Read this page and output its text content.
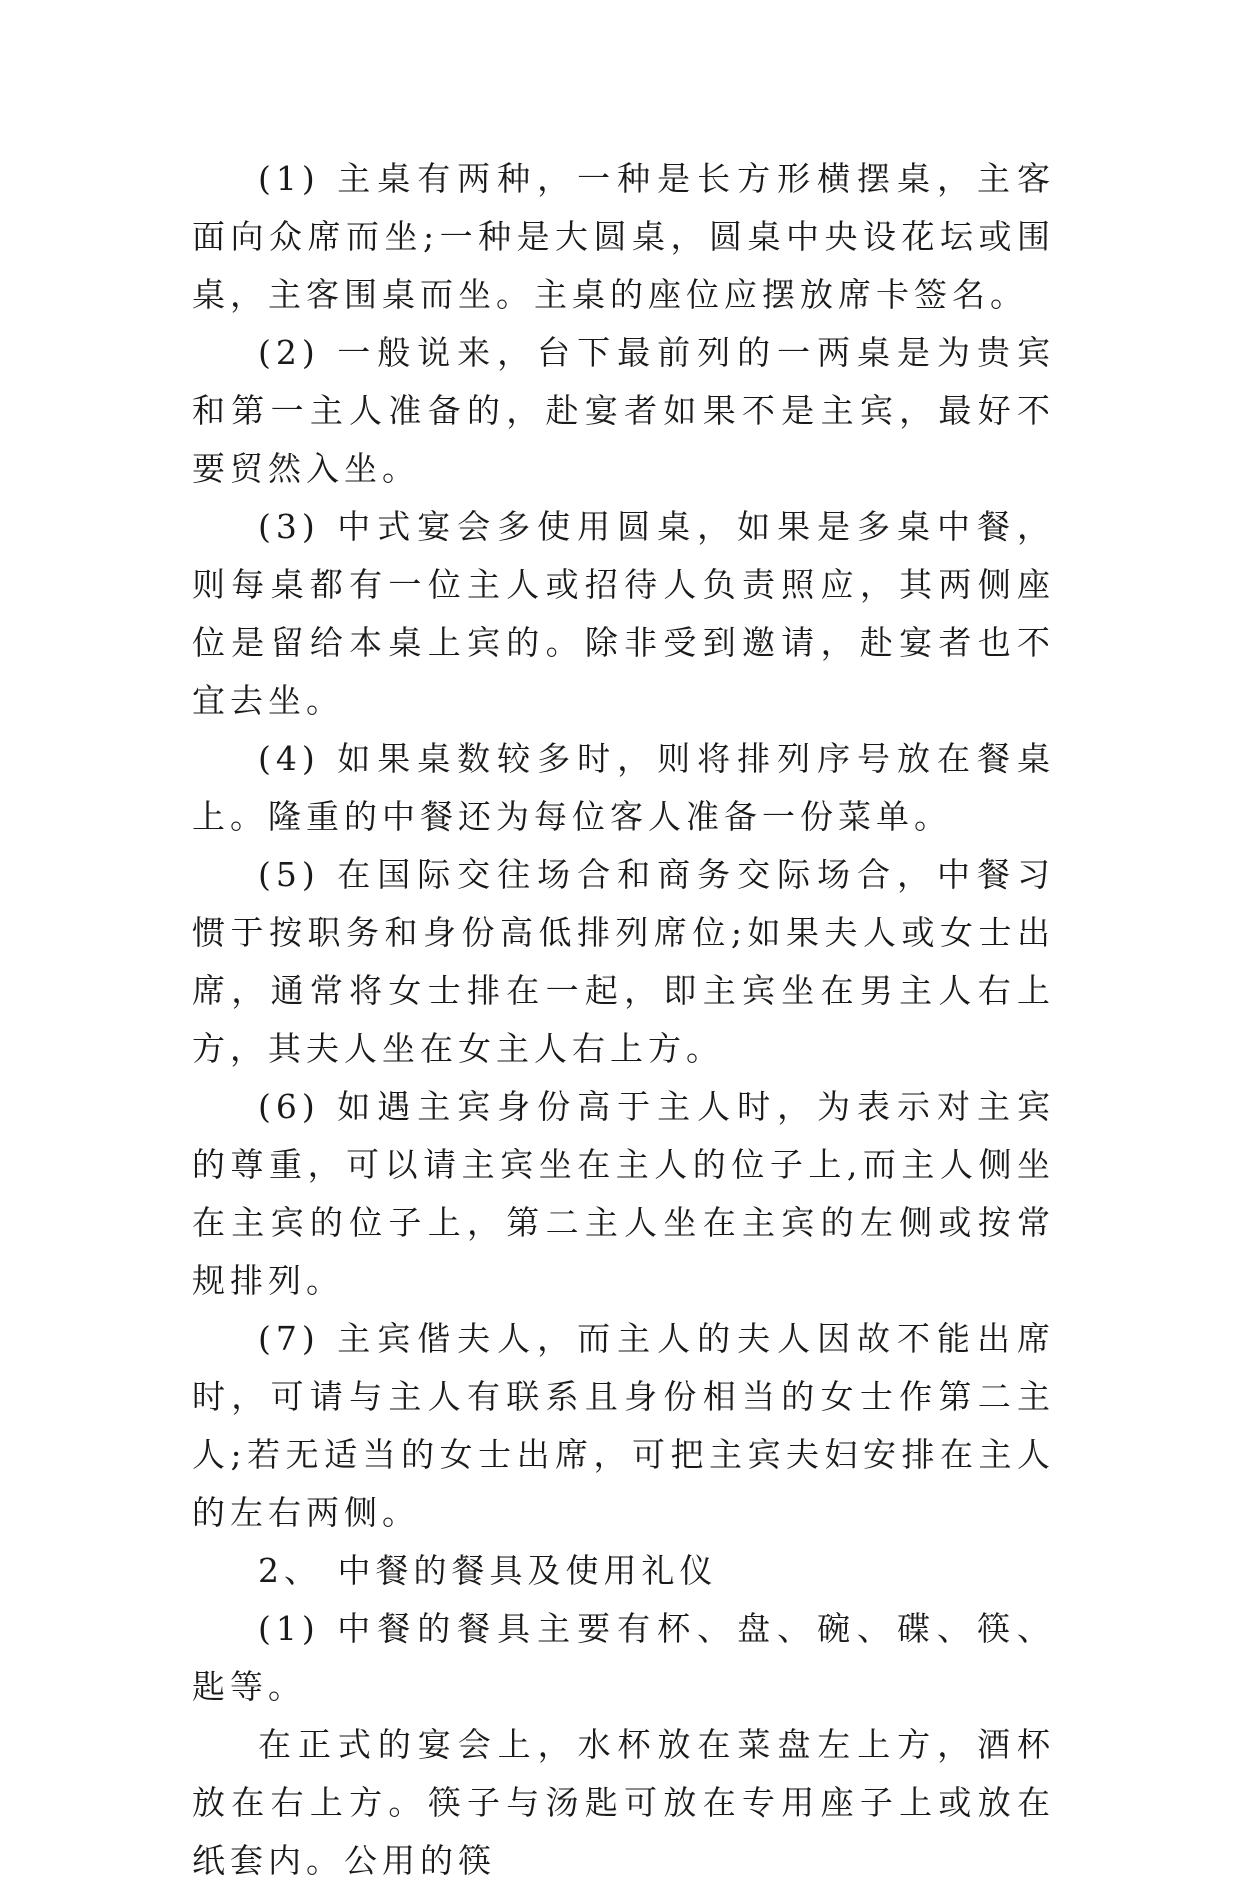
(1) 主桌有两种，一种是长方形横摆桌，主客面向众席而坐;一种是大圆桌，圆桌中央设花坛或围桌，主客围桌而坐。主桌的座位应摆放席卡签名。

(2) 一般说来，台下最前列的一两桌是为贵宾和第一主人准备的，赴宴者如果不是主宾，最好不要贸然入坐。

(3) 中式宴会多使用圆桌，如果是多桌中餐，则每桌都有一位主人或招待人负责照应，其两侧座位是留给本桌上宾的。除非受到邀请，赴宴者也不宜去坐。

(4) 如果桌数较多时，则将排列序号放在餐桌上。隆重的中餐还为每位客人准备一份菜单。

(5) 在国际交往场合和商务交际场合，中餐习惯于按职务和身份高低排列席位;如果夫人或女士出席，通常将女士排在一起，即主宾坐在男主人右上方，其夫人坐在女主人右上方。

(6) 如遇主宾身份高于主人时，为表示对主宾的尊重，可以请主宾坐在主人的位子上,而主人侧坐在主宾的位子上，第二主人坐在主宾的左侧或按常规排列。

(7) 主宾偕夫人，而主人的夫人因故不能出席时，可请与主人有联系且身份相当的女士作第二主人;若无适当的女士出席，可把主宾夫妇安排在主人的左右两侧。

2、 中餐的餐具及使用礼仪

(1) 中餐的餐具主要有杯、盘、碗、碟、筷、匙等。

在正式的宴会上，水杯放在菜盘左上方，酒杯放在右上方。筷子与汤匙可放在专用座子上或放在纸套内。公用的筷
